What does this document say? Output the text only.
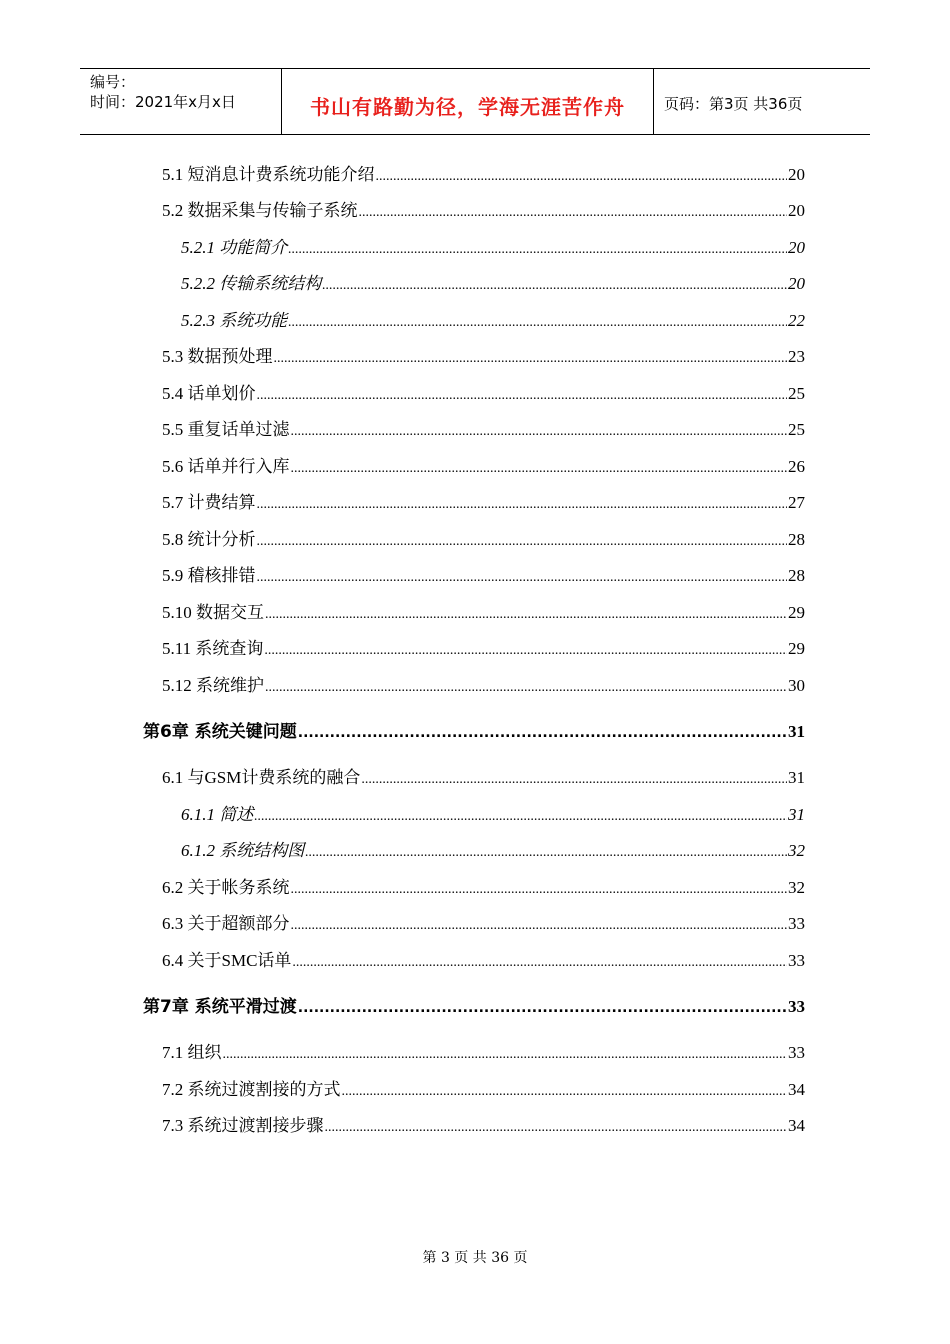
编号：
时间：2021年x月x日	书山有路勤为径，学海无涯苦作舟	页码：第3页 共36页
5.1 短消息计费系统功能介绍 .....	20
5.2 数据采集与传输子系统 .....	20
5.2.1 功能简介 .....	20
5.2.2 传输系统结构 .....	20
5.2.3 系统功能 .....	22
5.3 数据预处理 .....	23
5.4 话单划价 .....	25
5.5 重复话单过滤 .....	25
5.6 话单并行入库 .....	26
5.7 计费结算 .....	27
5.8 统计分析 .....	28
5.9 稽核排错 .....	28
5.10 数据交互 .....	29
5.11 系统查询 .....	29
5.12 系统维护 .....	30
第6章 系统关键问题 .....	31
6.1 与GSM计费系统的融合 .....	31
6.1.1 简述 .....	31
6.1.2 系统结构图 .....	32
6.2 关于帐务系统 .....	32
6.3 关于超额部分 .....	33
6.4 关于SMC话单 .....	33
第7章 系统平滑过渡 .....	33
7.1 组织 .....	33
7.2 系统过渡割接的方式 .....	34
7.3 系统过渡割接步骤 .....	34
第 3 页 共 36 页
